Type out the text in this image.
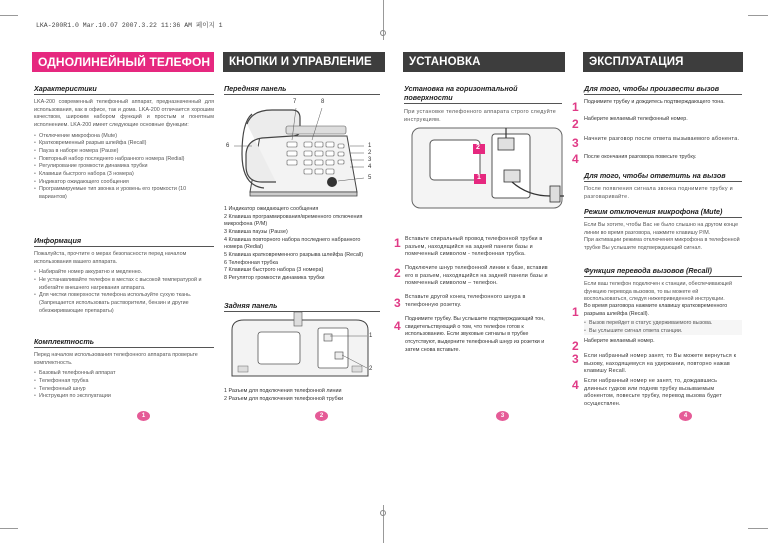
LKA-200R1.0 Mar.10.07 2007.3.22 11:36 AM 페이지 1
ОДНОЛИНЕЙНЫЙ ТЕЛЕФОН
Характеристики
LKA-200 современный телефонный аппарат, предназначенный для использования, как в офисе, так и дома. LKA-200 отличается хорошим качеством, широким набором функций и простым и понятным исполнением. LKA-200 имеет следующие основные функции:
• Отключение микрофона (Mute)
• Кратковременный разрыв шлейфа (Recall)
• Пауза в наборе номера (Pause)
• Повторный набор последнего набранного номера (Redial)
• Регулирование громкости динамика трубки
• Клавиши быстрого набора (3 номера)
• Индикатор ожидающего сообщения
• Программируемые тип звонка и уровень его громкости (10 вариантов)
Информация
Пожалуйста, прочтите о мерах безопасности перед началом использования вашего аппарата.
• Набирайте номер аккуратно и медленно.
• Не устанавливайте телефон в местах с высокой температурой и избегайте внешнего нагревания аппарата.
• Для чистки поверхности телефона используйте сухую ткань. (Запрещается использовать растворители, бензин и другие обезжиривающие препараты)
Комплектность
Перед началом использования телефонного аппарата проверьте комплектность.
• Базовый телефонный аппарат
• Телефонная трубка
• Телефонный шнур
• Инструкция по эксплуатации
1
КНОПКИ И УПРАВЛЕНИЕ
Передняя панель
7	8
6	1
2
3
4
5
1 Индикатор ожидающего сообщения
2 Клавиша программирования/временного отключения микрофона (P/M)
3 Клавиша паузы (Pause)
4 Клавиша повторного набора последнего набранного номера (Redial)
5 Клавиша кратковременного разрыва шлейфа (Recall)
6 Телефонная трубка
7 Клавиши быстрого набора (3 номера)
8 Регулятор громкости динамика трубки
Задняя панель
1
2
1 Разъем для подключения телефонной линии
2 Разъем для подключения телефонной трубки
2
УСТАНОВКА
Установка на горизонтальной поверхности
При установке телефонного аппарата строго следуйте инструкциям.
2
1
1 Вставьте спиральный провод телефонной трубки в разъем, находящийся на задней панели базы и помеченный символом - телефонная трубка.
2 Подключите шнур телефонной линии к базе, вставив его в разъем, находящийся на задней панели базы и помеченный символом – телефон.
3 Вставьте другой конец телефонного шнура в телефонную розетку.
4 Поднимите трубку. Вы услышите подтверждающий тон, свидетельствующий о том, что телефон готов к использованию. Если звуковые сигналы в трубке отсутствуют, выдерните телефонный шнур из розетки и затем снова вставьте.
3
ЭКСПЛУАТАЦИЯ
Для того, чтобы произвести вызов
1 Поднимите трубку и дождитесь подтверждающего тона.
2 Наберите желаемый телефонный номер.
3 Начните разговор после ответа вызываемого абонента.
4 После окончания разговора повесьте трубку.
Для того, чтобы ответить на вызов
После появления сигнала звонка поднимите трубку и разговаривайте.
Режим отключения микрофона (Mute)
Если Вы хотите, чтобы Вас не было слышно на другом конце линии во время разговора, нажмите клавишу P/M.
При активации режима отключения микрофона в телефонной трубке Вы услышите подтверждающий сигнал.
Функция перевода вызовов (Recall)
Если ваш телефон подключен к станции, обеспечивающей функцию перевода вызовов, то вы можете ей воспользоваться, следуя нижеприведенной инструкции.
1 Во время разговора нажмите клавишу кратковременного разрыва шлейфа (Recall).
• Вызов перейдет в статус удерживаемого вызова.
• Вы услышите сигнал ответа станции.
2 Наберите желаемый номер.
3 Если набранный номер занят, то Вы можете вернуться к вызову, находящемуся на удержании, повторно нажав клавишу Recall.
4 Если набранный номер не занят, то, дождавшись длинных гудков или подняв трубку вызываемым абонентом, повесьте трубку, перевод вызова будет осуществлен.
4
